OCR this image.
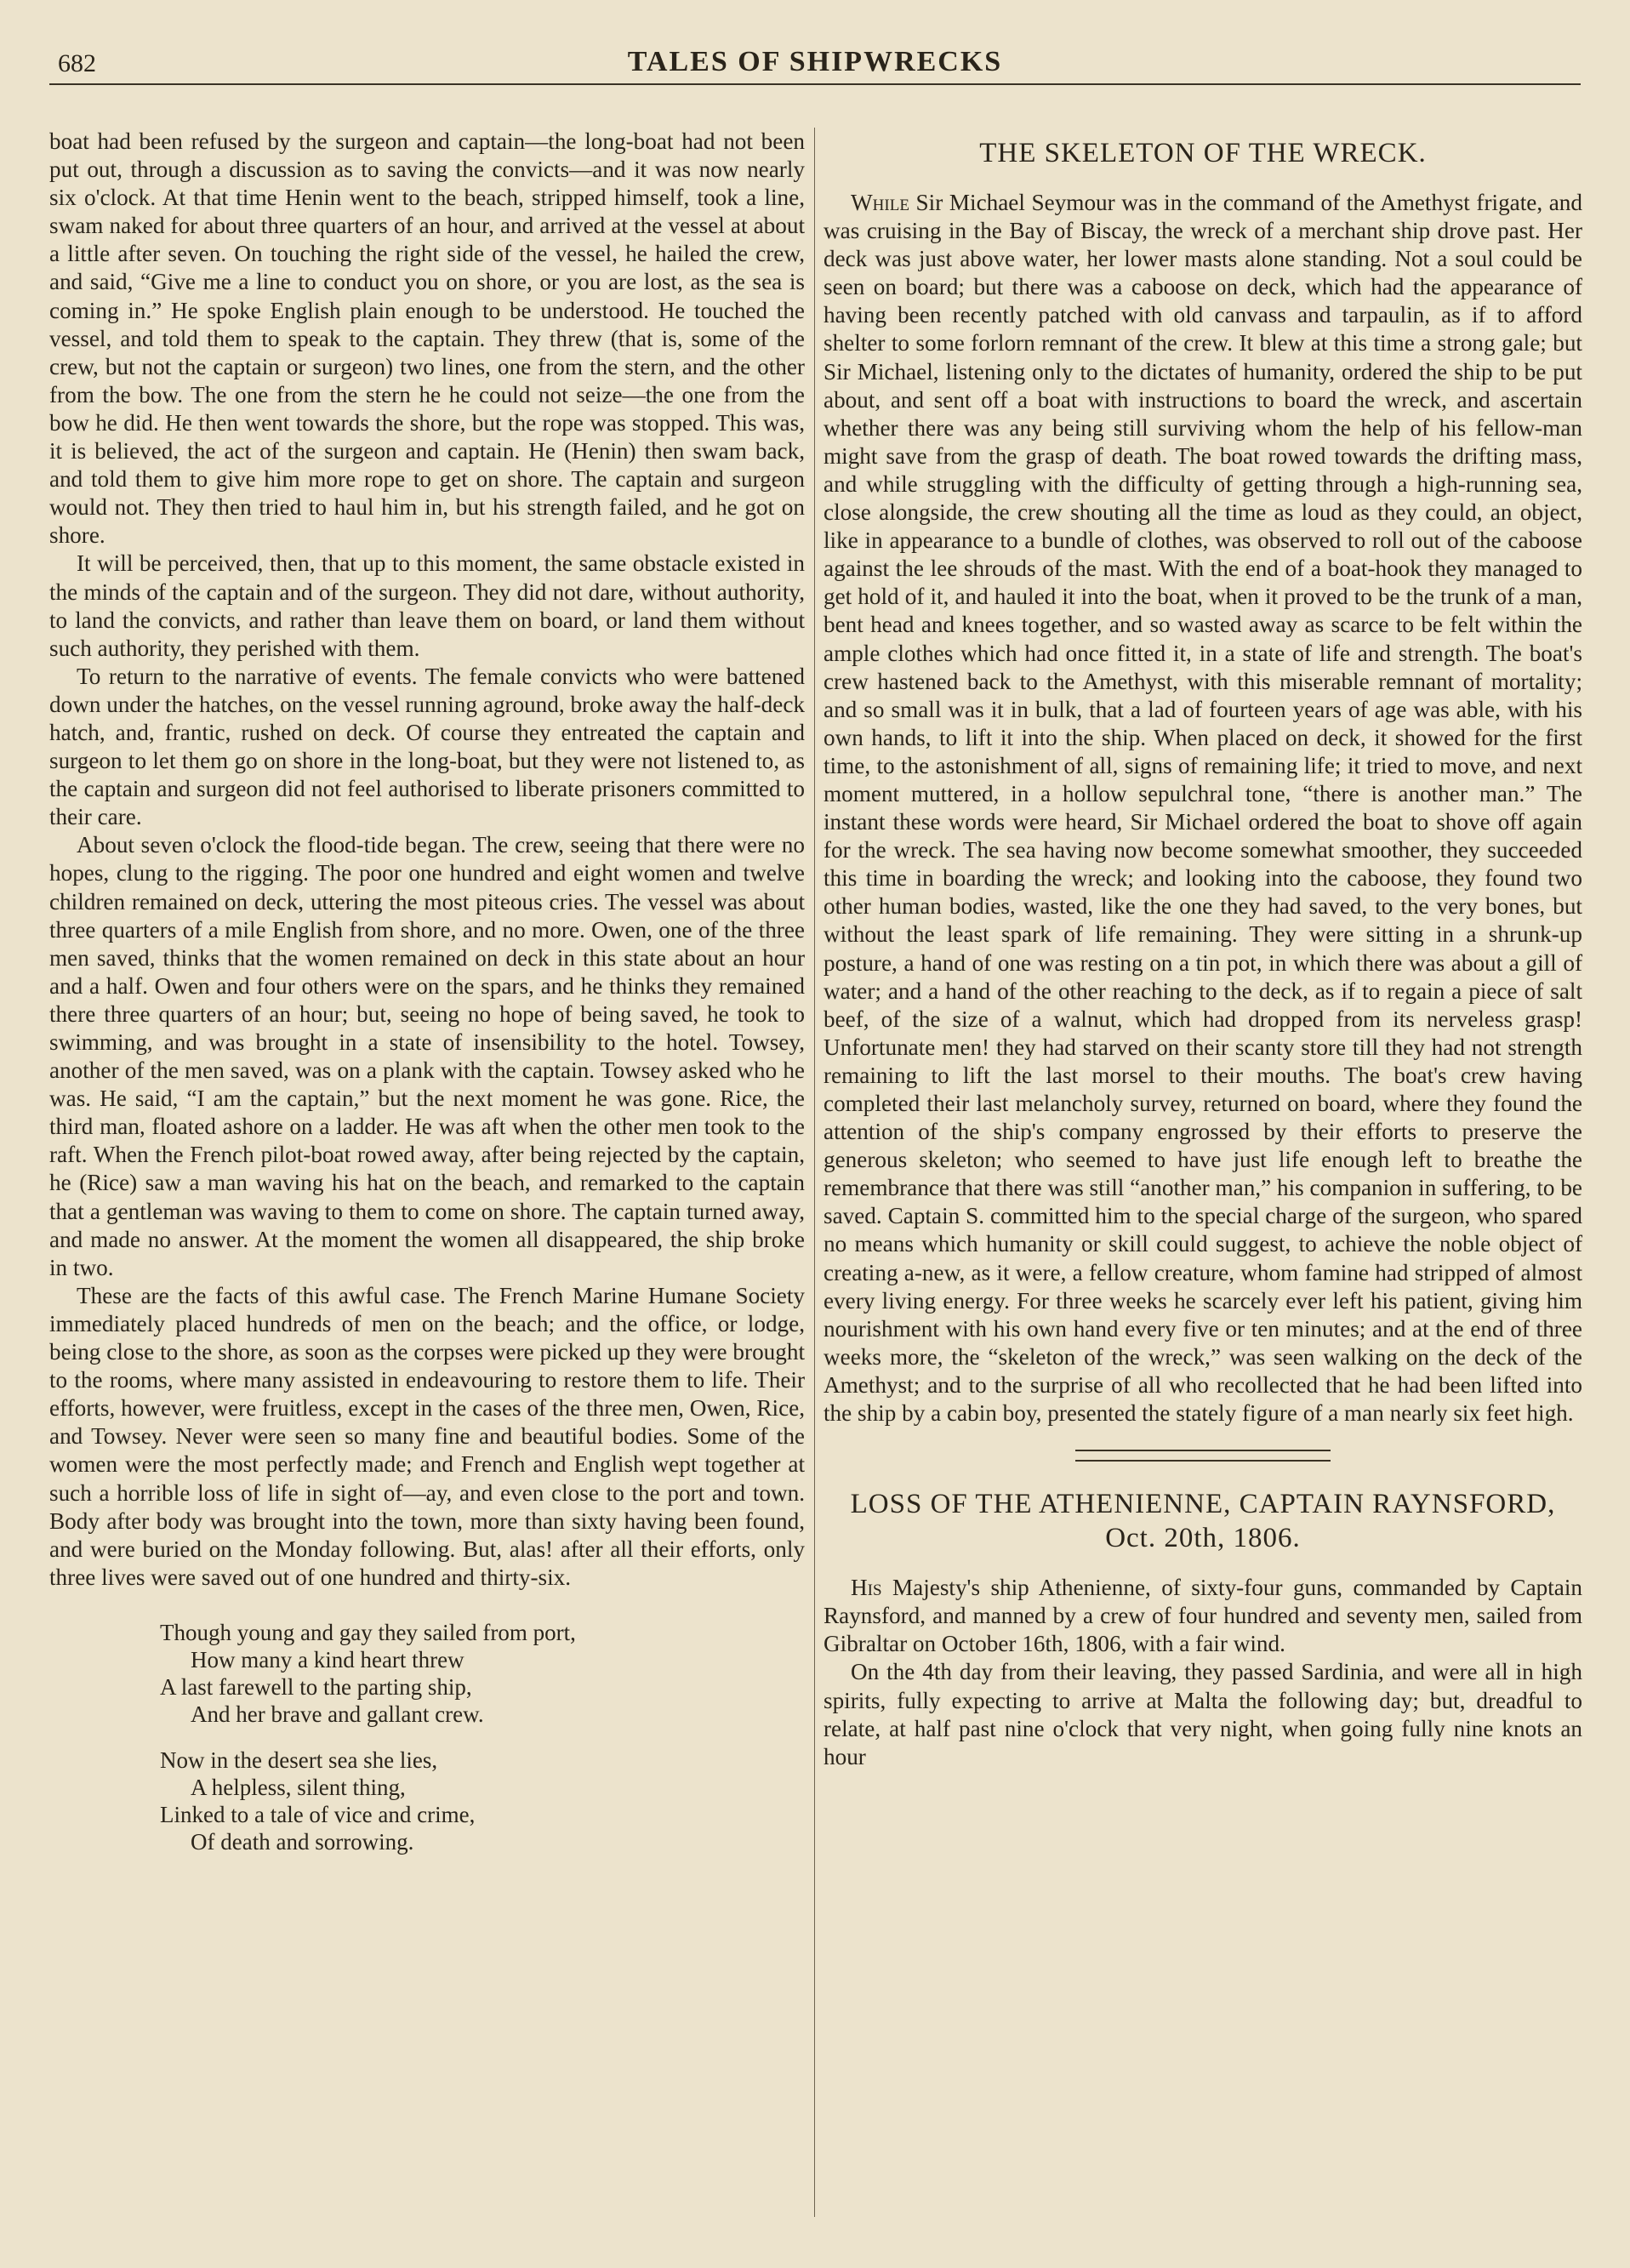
682	TALES OF SHIPWRECKS

boat had been refused by the surgeon and captain—the long-boat had not been put out, through a discussion as to saving the convicts—and it was now nearly six o'clock. At that time Henin went to the beach, stripped himself, took a line, swam naked for about three quarters of an hour, and arrived at the vessel at about a little after seven. On touching the right side of the vessel, he hailed the crew, and said, “Give me a line to conduct you on shore, or you are lost, as the sea is coming in.” He spoke English plain enough to be understood. He touched the vessel, and told them to speak to the captain. They threw (that is, some of the crew, but not the captain or surgeon) two lines, one from the stern, and the other from the bow. The one from the stern he he could not seize—the one from the bow he did. He then went towards the shore, but the rope was stopped. This was, it is believed, the act of the surgeon and captain. He (Henin) then swam back, and told them to give him more rope to get on shore. The captain and surgeon would not. They then tried to haul him in, but his strength failed, and he got on shore.

It will be perceived, then, that up to this moment, the same obstacle existed in the minds of the captain and of the surgeon. They did not dare, without authority, to land the convicts, and rather than leave them on board, or land them without such authority, they perished with them.

To return to the narrative of events. The female convicts who were battened down under the hatches, on the vessel running aground, broke away the half-deck hatch, and, frantic, rushed on deck. Of course they entreated the captain and surgeon to let them go on shore in the long-boat, but they were not listened to, as the captain and surgeon did not feel authorised to liberate prisoners committed to their care.

About seven o'clock the flood-tide began. The crew, seeing that there were no hopes, clung to the rigging. The poor one hundred and eight women and twelve children remained on deck, uttering the most piteous cries. The vessel was about three quarters of a mile English from shore, and no more. Owen, one of the three men saved, thinks that the women remained on deck in this state about an hour and a half. Owen and four others were on the spars, and he thinks they remained there three quarters of an hour; but, seeing no hope of being saved, he took to swimming, and was brought in a state of insensibility to the hotel. Towsey, another of the men saved, was on a plank with the captain. Towsey asked who he was. He said, “I am the captain,” but the next moment he was gone. Rice, the third man, floated ashore on a ladder. He was aft when the other men took to the raft. When the French pilot-boat rowed away, after being rejected by the captain, he (Rice) saw a man waving his hat on the beach, and remarked to the captain that a gentleman was waving to them to come on shore. The captain turned away, and made no answer. At the moment the women all disappeared, the ship broke in two.

These are the facts of this awful case. The French Marine Humane Society immediately placed hundreds of men on the beach; and the office, or lodge, being close to the shore, as soon as the corpses were picked up they were brought to the rooms, where many assisted in endeavouring to restore them to life. Their efforts, however, were fruitless, except in the cases of the three men, Owen, Rice, and Towsey. Never were seen so many fine and beautiful bodies. Some of the women were the most perfectly made; and French and English wept together at such a horrible loss of life in sight of—ay, and even close to the port and town. Body after body was brought into the town, more than sixty having been found, and were buried on the Monday following. But, alas! after all their efforts, only three lives were saved out of one hundred and thirty-six.

Though young and gay they sailed from port,
How many a kind heart threw
A last farewell to the parting ship,
And her brave and gallant crew.
Now in the desert sea she lies,
A helpless, silent thing,
Linked to a tale of vice and crime,
Of death and sorrowing.
THE SKELETON OF THE WRECK.

While Sir Michael Seymour was in the command of the Amethyst frigate, and was cruising in the Bay of Biscay, the wreck of a merchant ship drove past. Her deck was just above water, her lower masts alone standing. Not a soul could be seen on board; but there was a caboose on deck, which had the appearance of having been recently patched with old canvass and tarpaulin, as if to afford shelter to some forlorn remnant of the crew. It blew at this time a strong gale; but Sir Michael, listening only to the dictates of humanity, ordered the ship to be put about, and sent off a boat with instructions to board the wreck, and ascertain whether there was any being still surviving whom the help of his fellow-man might save from the grasp of death. The boat rowed towards the drifting mass, and while struggling with the difficulty of getting through a high-running sea, close alongside, the crew shouting all the time as loud as they could, an object, like in appearance to a bundle of clothes, was observed to roll out of the caboose against the lee shrouds of the mast. With the end of a boat-hook they managed to get hold of it, and hauled it into the boat, when it proved to be the trunk of a man, bent head and knees together, and so wasted away as scarce to be felt within the ample clothes which had once fitted it, in a state of life and strength. The boat's crew hastened back to the Amethyst, with this miserable remnant of mortality; and so small was it in bulk, that a lad of fourteen years of age was able, with his own hands, to lift it into the ship. When placed on deck, it showed for the first time, to the astonishment of all, signs of remaining life; it tried to move, and next moment muttered, in a hollow sepulchral tone, “there is another man.” The instant these words were heard, Sir Michael ordered the boat to shove off again for the wreck. The sea having now become somewhat smoother, they succeeded this time in boarding the wreck; and looking into the caboose, they found two other human bodies, wasted, like the one they had saved, to the very bones, but without the least spark of life remaining. They were sitting in a shrunk-up posture, a hand of one was resting on a tin pot, in which there was about a gill of water; and a hand of the other reaching to the deck, as if to regain a piece of salt beef, of the size of a walnut, which had dropped from its nerveless grasp! Unfortunate men! they had starved on their scanty store till they had not strength remaining to lift the last morsel to their mouths. The boat's crew having completed their last melancholy survey, returned on board, where they found the attention of the ship's company engrossed by their efforts to preserve the generous skeleton; who seemed to have just life enough left to breathe the remembrance that there was still “another man,” his companion in suffering, to be saved. Captain S. committed him to the special charge of the surgeon, who spared no means which humanity or skill could suggest, to achieve the noble object of creating a-new, as it were, a fellow creature, whom famine had stripped of almost every living energy. For three weeks he scarcely ever left his patient, giving him nourishment with his own hand every five or ten minutes; and at the end of three weeks more, the “skeleton of the wreck,” was seen walking on the deck of the Amethyst; and to the surprise of all who recollected that he had been lifted into the ship by a cabin boy, presented the stately figure of a man nearly six feet high.

LOSS OF THE ATHENIENNE, CAPTAIN RAYNSFORD, Oct. 20th, 1806.

His Majesty's ship Athenienne, of sixty-four guns, commanded by Captain Raynsford, and manned by a crew of four hundred and seventy men, sailed from Gibraltar on October 16th, 1806, with a fair wind.

On the 4th day from their leaving, they passed Sardinia, and were all in high spirits, fully expecting to arrive at Malta the following day; but, dreadful to relate, at half past nine o'clock that very night, when going fully nine knots an hour
